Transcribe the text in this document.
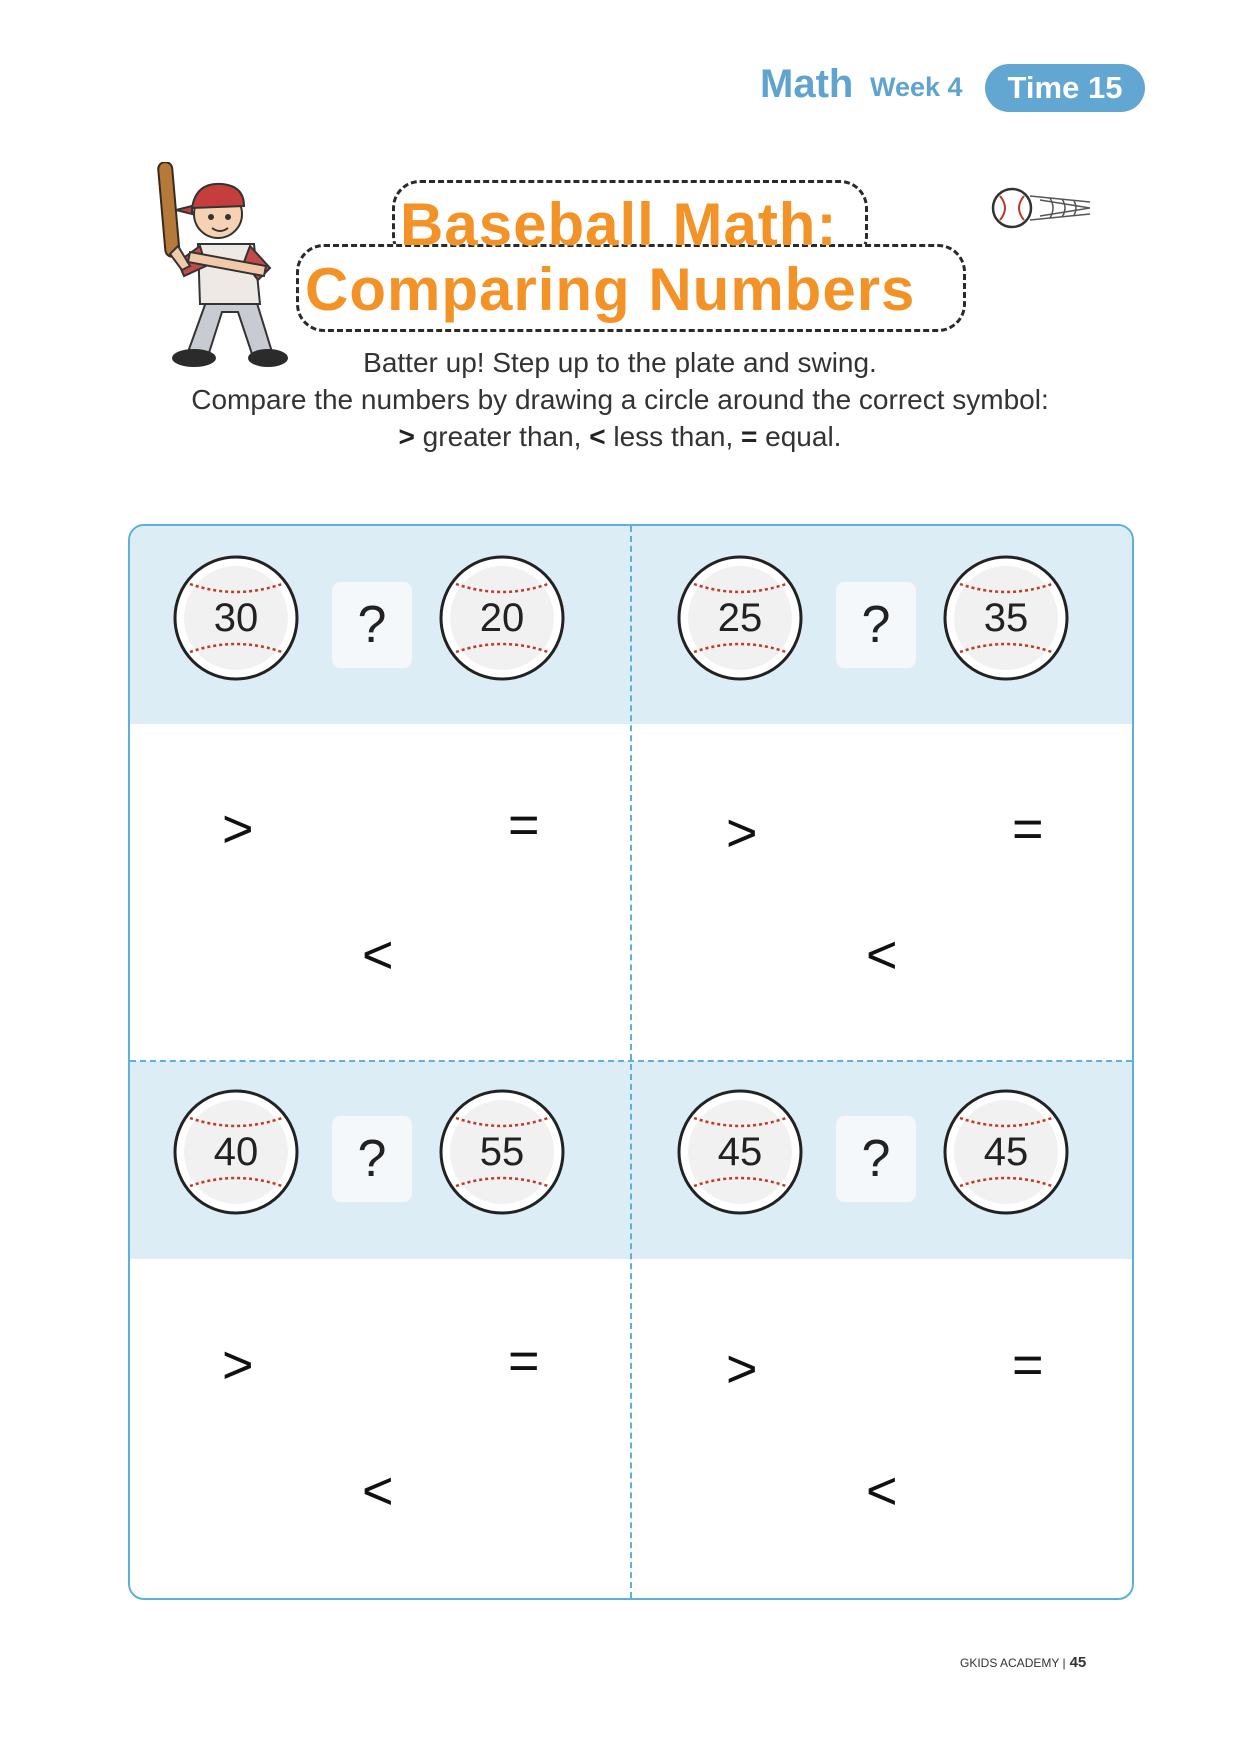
Math Week 4	Time 15
Baseball Math:
Comparing Numbers
Batter up! Step up to the plate and swing.
Compare the numbers by drawing a circle around the correct symbol:
> greater than, < less than, = equal.
30	?	20
>	=
<
25	?	35
>	=
<
40	?	55
>	=
<
45	?	45
>	=
<
GKIDS ACADEMY | 45
